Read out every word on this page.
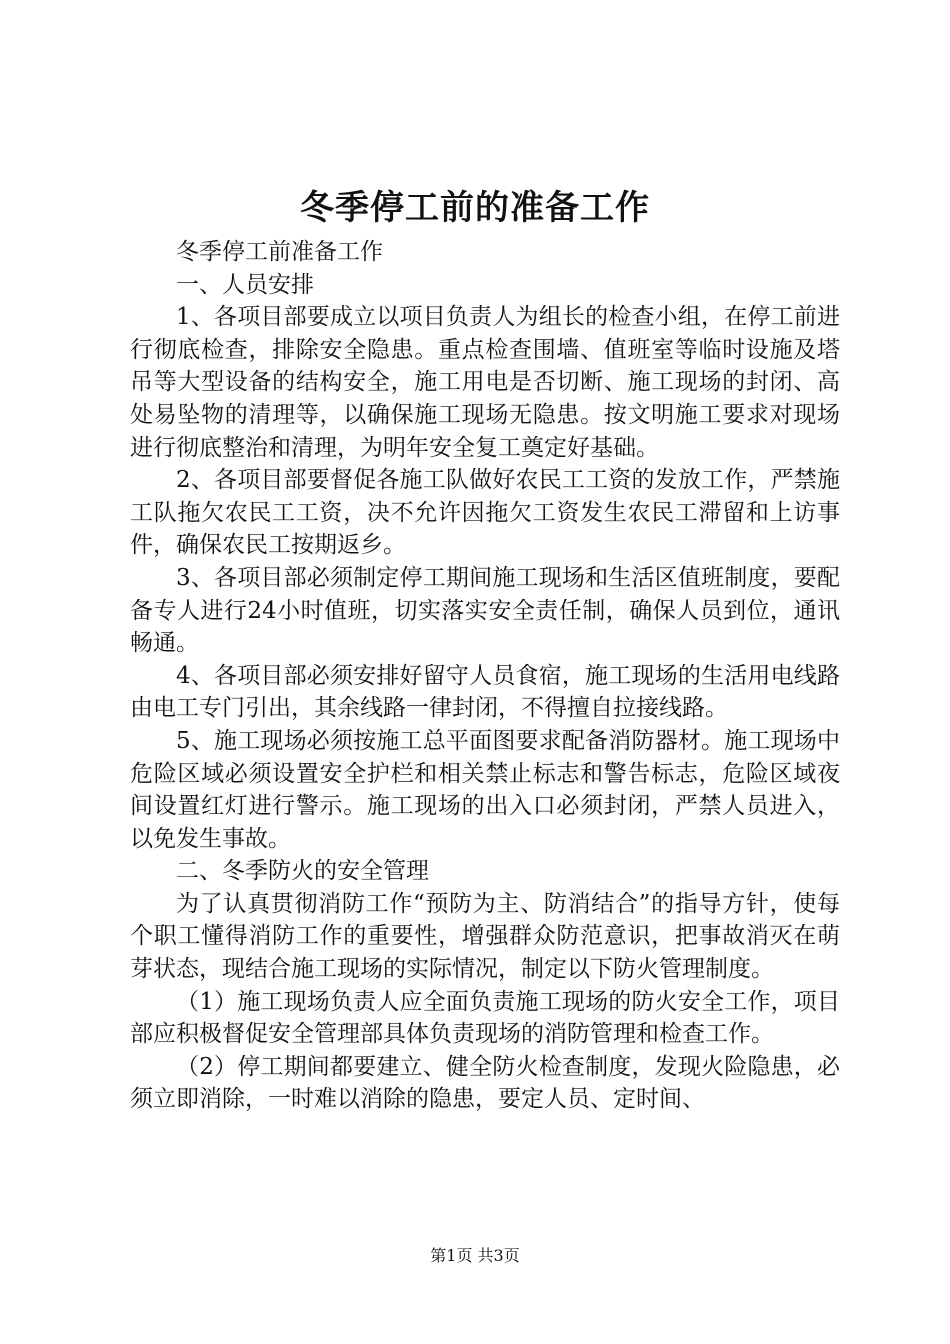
冬季停工前的准备工作

冬季停工前准备工作

一、人员安排

1、各项目部要成立以项目负责人为组长的检查小组，在停工前进行彻底检查，排除安全隐患。重点检查围墙、值班室等临时设施及塔吊等大型设备的结构安全，施工用电是否切断、施工现场的封闭、高处易坠物的清理等，以确保施工现场无隐患。按文明施工要求对现场进行彻底整治和清理，为明年安全复工奠定好基础。

2、各项目部要督促各施工队做好农民工工资的发放工作，严禁施工队拖欠农民工工资，决不允许因拖欠工资发生农民工滞留和上访事件，确保农民工按期返乡。

3、各项目部必须制定停工期间施工现场和生活区值班制度，要配备专人进行24小时值班，切实落实安全责任制，确保人员到位，通讯畅通。

4、各项目部必须安排好留守人员食宿，施工现场的生活用电线路由电工专门引出，其余线路一律封闭，不得擅自拉接线路。

5、施工现场必须按施工总平面图要求配备消防器材。施工现场中危险区域必须设置安全护栏和相关禁止标志和警告标志，危险区域夜间设置红灯进行警示。施工现场的出入口必须封闭，严禁人员进入，以免发生事故。

二、冬季防火的安全管理

为了认真贯彻消防工作“预防为主、防消结合”的指导方针，使每个职工懂得消防工作的重要性，增强群众防范意识，把事故消灭在萌芽状态，现结合施工现场的实际情况，制定以下防火管理制度。

（1）施工现场负责人应全面负责施工现场的防火安全工作，项目部应积极督促安全管理部具体负责现场的消防管理和检查工作。

（2）停工期间都要建立、健全防火检查制度，发现火险隐患，必须立即消除，一时难以消除的隐患，要定人员、定时间、

第1页 共3页
